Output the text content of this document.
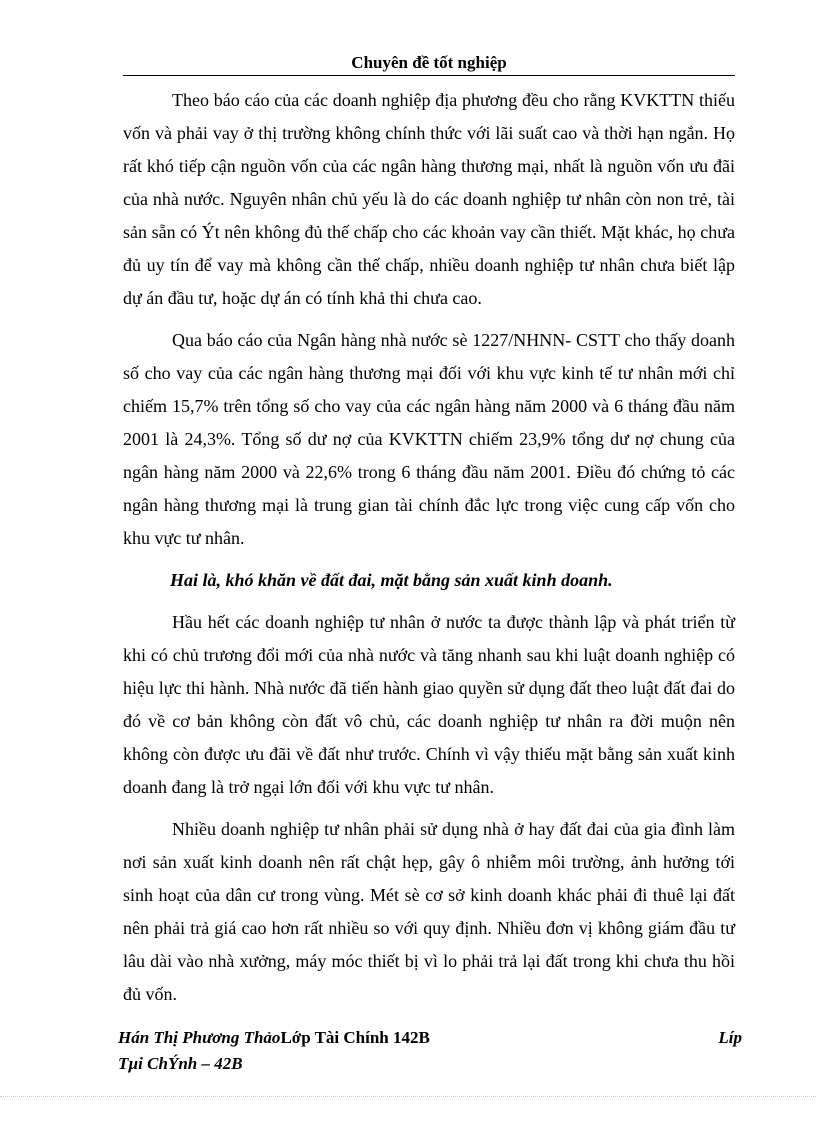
Chuyên đề tốt nghiệp

Theo báo cáo của các doanh nghiệp địa phương đều cho rằng KVKTTN thiếu vốn và phải vay ở thị trường không chính thức với lãi suất cao và thời hạn ngắn. Họ rất khó tiếp cận nguồn vốn của các ngân hàng thương mại, nhất là nguồn vốn ưu đãi của nhà nước. Nguyên nhân chủ yếu là do các doanh nghiệp tư nhân còn non trẻ, tài sản sẵn có Ýt nên không đủ thế chấp cho các khoản vay cần thiết. Mặt khác, họ chưa đủ uy tín để vay mà không cần thế chấp, nhiều doanh nghiệp tư nhân chưa biết lập dự án đầu tư, hoặc dự án có tính khả thi chưa cao.

Qua báo cáo của Ngân hàng nhà nước sè 1227/NHNN- CSTT cho thấy doanh số cho vay của các ngân hàng thương mại đối với khu vực kinh tế tư nhân mới chỉ chiếm 15,7% trên tổng số cho vay của các ngân hàng năm 2000 và 6 tháng đầu năm 2001 là 24,3%. Tổng số dư nợ của KVKTTN chiếm 23,9% tổng dư nợ chung của ngân hàng năm 2000 và 22,6% trong 6 tháng đầu năm 2001. Điều đó chứng tỏ các ngân hàng thương mại là trung gian tài chính đắc lực trong việc cung cấp vốn cho khu vực tư nhân.

Hai là, khó khăn về đất đai, mặt bằng sản xuất kinh doanh.

Hầu hết các doanh nghiệp tư nhân ở nước ta được thành lập và phát triển từ khi có chủ trương đổi mới của nhà nước và tăng nhanh sau khi luật doanh nghiệp có hiệu lực thi hành. Nhà nước đã tiến hành giao quyền sử dụng đất theo luật đất đai do đó về cơ bản không còn đất vô chủ, các doanh nghiệp tư nhân ra đời muộn nên không còn được ưu đãi về đất như trước. Chính vì vậy thiếu mặt bằng sản xuất kinh doanh đang là trở ngại lớn đối với khu vực tư nhân.

Nhiều doanh nghiệp tư nhân phải sử dụng nhà ở hay đất đai của gia đình làm nơi sản xuất kinh doanh nên rất chật hẹp, gây ô nhiễm môi trường, ảnh hưởng tới sinh hoạt của dân cư trong vùng. Mét sè cơ sở kinh doanh khác phải đi thuê lại đất nên phải trả giá cao hơn rất nhiều so với quy định. Nhiều đơn vị không giám đầu tư lâu dài vào nhà xưởng, máy móc thiết bị vì lo phải trả lại đất trong khi chưa thu hồi đủ vốn.

Hán Thị Phương ThảoLớp Tài Chính 142B	Líp
Tµi ChÝnh – 42B
